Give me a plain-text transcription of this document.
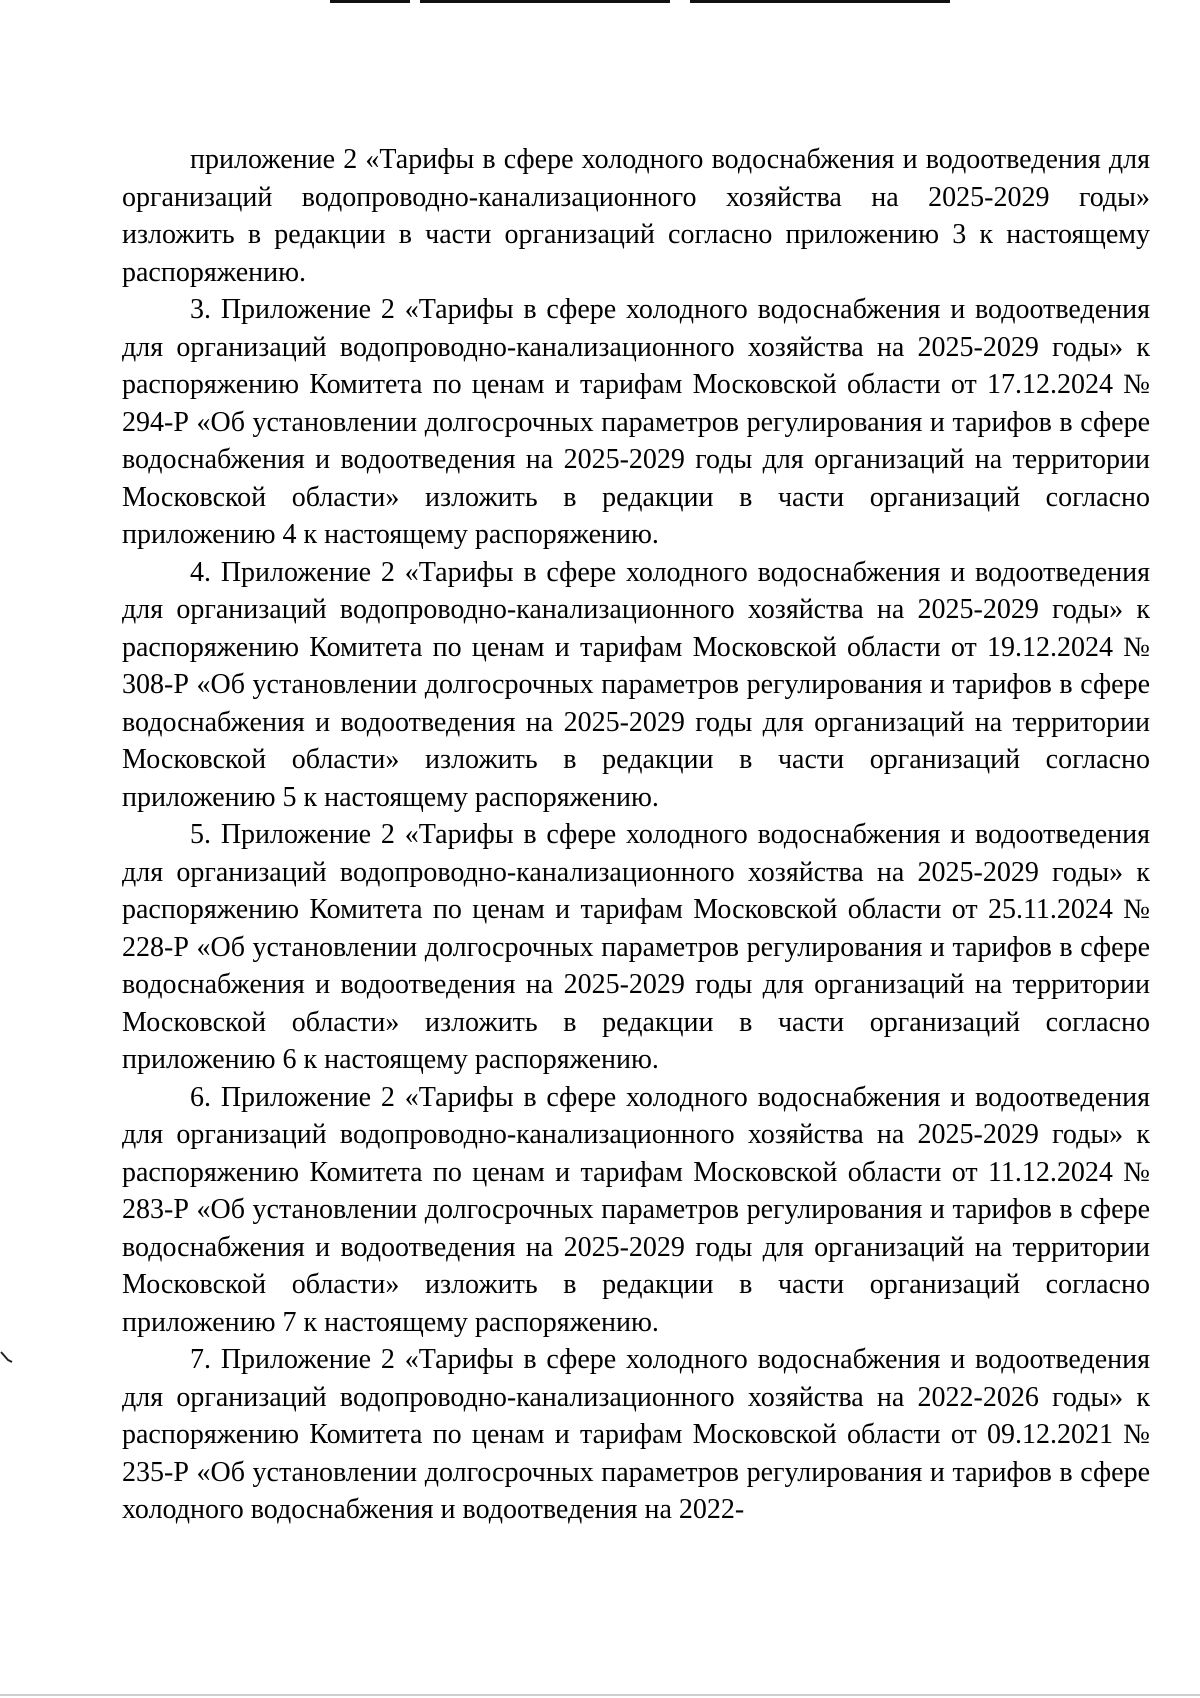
приложение 2 «Тарифы в сфере холодного водоснабжения и водоотведения для организаций водопроводно-канализационного хозяйства на 2025-2029 годы» изложить в редакции в части организаций согласно приложению 3 к настоящему распоряжению.

3. Приложение 2 «Тарифы в сфере холодного водоснабжения и водоотведения для организаций водопроводно-канализационного хозяйства на 2025-2029 годы» к распоряжению Комитета по ценам и тарифам Московской области от 17.12.2024 № 294-Р «Об установлении долгосрочных параметров регулирования и тарифов в сфере водоснабжения и водоотведения на 2025-2029 годы для организаций на территории Московской области» изложить в редакции в части организаций согласно приложению 4 к настоящему распоряжению.

4. Приложение 2 «Тарифы в сфере холодного водоснабжения и водоотведения для организаций водопроводно-канализационного хозяйства на 2025-2029 годы» к распоряжению Комитета по ценам и тарифам Московской области от 19.12.2024 № 308-Р «Об установлении долгосрочных параметров регулирования и тарифов в сфере водоснабжения и водоотведения на 2025-2029 годы для организаций на территории Московской области» изложить в редакции в части организаций согласно приложению 5 к настоящему распоряжению.

5. Приложение 2 «Тарифы в сфере холодного водоснабжения и водоотведения для организаций водопроводно-канализационного хозяйства на 2025-2029 годы» к распоряжению Комитета по ценам и тарифам Московской области от 25.11.2024 № 228-Р «Об установлении долгосрочных параметров регулирования и тарифов в сфере водоснабжения и водоотведения на 2025-2029 годы для организаций на территории Московской области» изложить в редакции в части организаций согласно приложению 6 к настоящему распоряжению.

6. Приложение 2 «Тарифы в сфере холодного водоснабжения и водоотведения для организаций водопроводно-канализационного хозяйства на 2025-2029 годы» к распоряжению Комитета по ценам и тарифам Московской области от 11.12.2024 № 283-Р «Об установлении долгосрочных параметров регулирования и тарифов в сфере водоснабжения и водоотведения на 2025-2029 годы для организаций на территории Московской области» изложить в редакции в части организаций согласно приложению 7 к настоящему распоряжению.

7. Приложение 2 «Тарифы в сфере холодного водоснабжения и водоотведения для организаций водопроводно-канализационного хозяйства на 2022-2026 годы» к распоряжению Комитета по ценам и тарифам Московской области от 09.12.2021 № 235-Р «Об установлении долгосрочных параметров регулирования и тарифов в сфере холодного водоснабжения и водоотведения на 2022-
